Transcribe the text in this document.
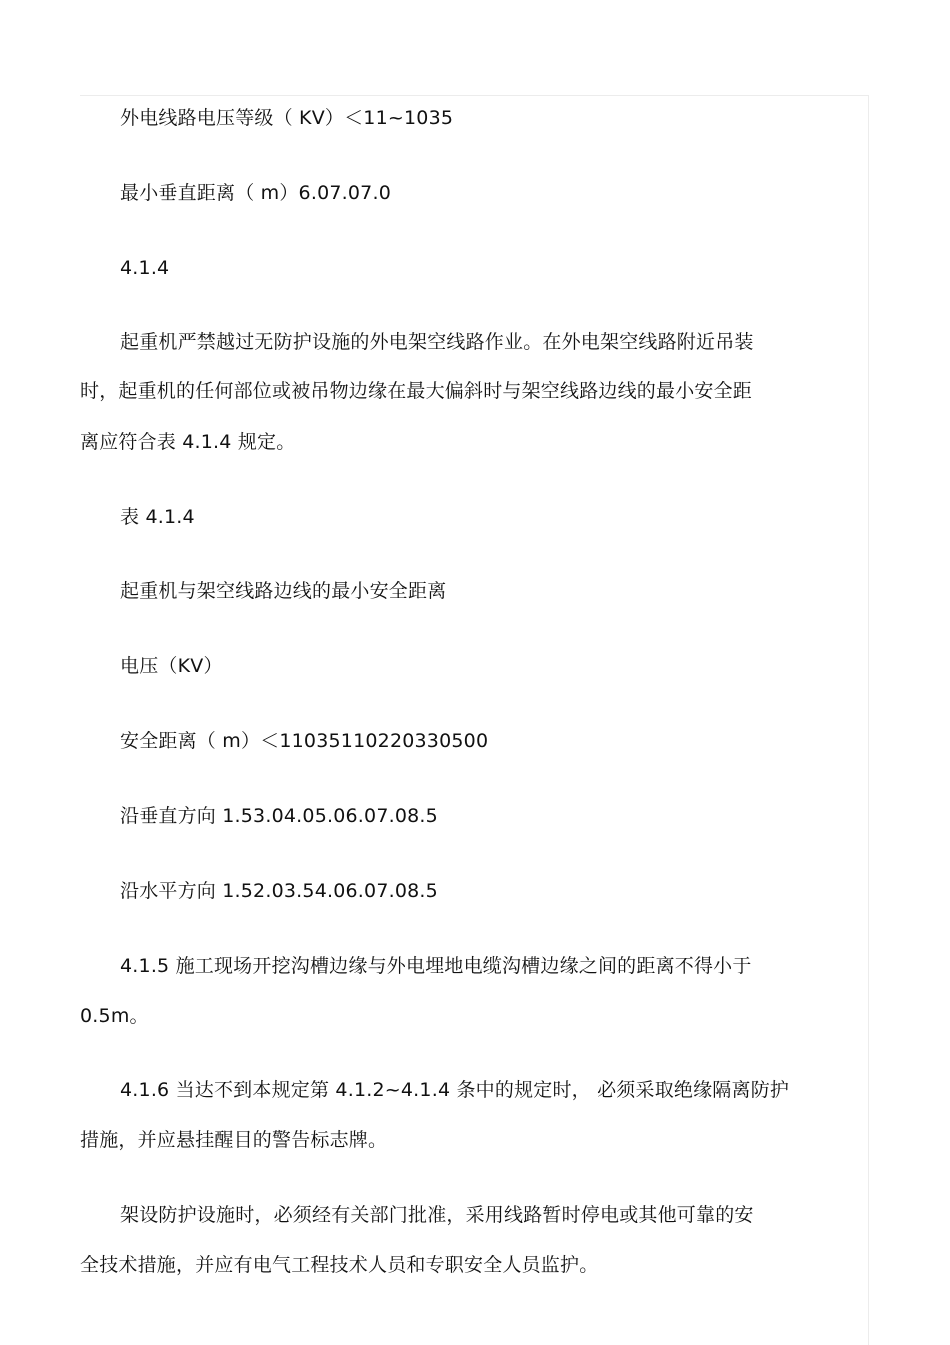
外电线路电压等级（ KV）＜11~1035
最小垂直距离（ m）6.07.07.0
4.1.4
起重机严禁越过无防护设施的外电架空线路作业。在外电架空线路附近吊装
时，起重机的任何部位或被吊物边缘在最大偏斜时与架空线路边线的最小安全距
离应符合表 4.1.4 规定。
表 4.1.4
起重机与架空线路边线的最小安全距离
电压（KV）
安全距离（ m）＜11035110220330500
沿垂直方向 1.53.04.05.06.07.08.5
沿水平方向 1.52.03.54.06.07.08.5
4.1.5 施工现场开挖沟槽边缘与外电埋地电缆沟槽边缘之间的距离不得小于
0.5m。
4.1.6 当达不到本规定第 4.1.2~4.1.4 条中的规定时， 必须采取绝缘隔离防护
措施，并应悬挂醒目的警告标志牌。
架设防护设施时，必须经有关部门批准，采用线路暂时停电或其他可靠的安
全技术措施，并应有电气工程技术人员和专职安全人员监护。
